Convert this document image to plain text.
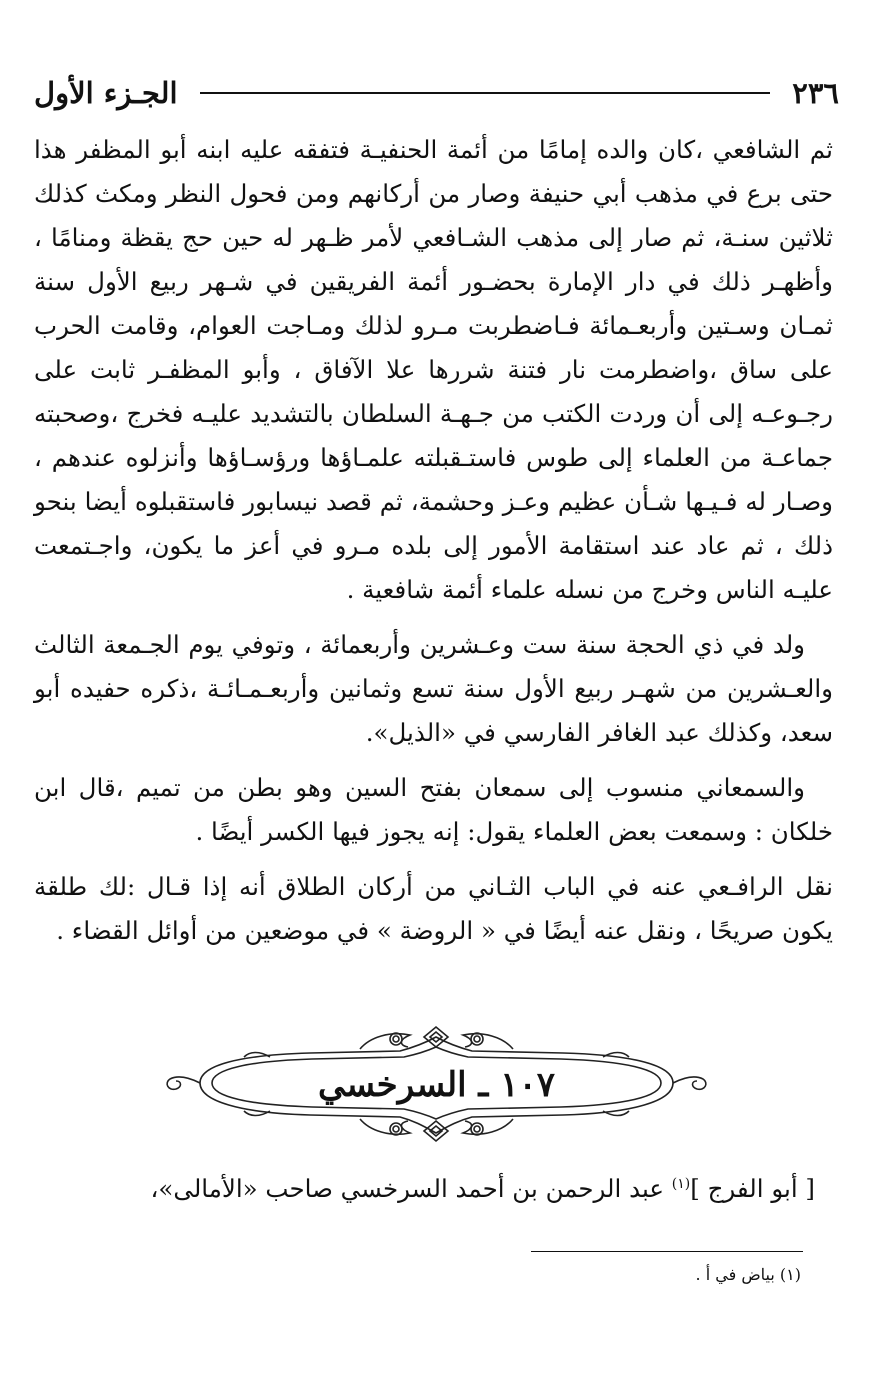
٢٣٦
الجـزء الأول

ثم الشافعي ،كان والده إمامًا من أئمة الحنفيـة فتفقه عليه ابنه أبو المظفر هذا حتى برع في مذهب أبي حنيفة وصار من أركانهم ومن فحول النظر ومكث كذلك ثلاثين سنـة، ثم صار إلى مذهب الشـافعي لأمر ظـهر له حين حج يقظة ومنامًا ، وأظهـر ذلك في دار الإمارة بحضـور أئمة الفريقين في شـهر ربيع الأول سنة ثمـان وسـتين وأربعـمائة فـاضطربت مـرو لذلك ومـاجت العوام، وقامت الحرب على ساق ،واضطرمت نار فتنة شررها علا الآفاق ، وأبو المظفـر ثابت على رجـوعـه إلى أن وردت الكتب من جـهـة السلطان بالتشديد عليـه فخرج ،وصحبته جماعـة من العلماء إلى طوس فاستـقبلته علمـاؤها ورؤسـاؤها وأنزلوه عندهم ، وصـار له فـيـها شـأن عظيم وعـز وحشمة، ثم قصد نيسابور فاستقبلوه أيضا بنحو ذلك ، ثم عاد عند استقامة الأمور إلى بلده مـرو في أعز ما يكون، واجـتمعت عليـه الناس وخرج من نسله علماء أئمة شافعية .

ولد في ذي الحجة سنة ست وعـشرين وأربعمائة ، وتوفي يوم الجـمعة الثالث والعـشرين من شهـر ربيع الأول سنة تسع وثمانين وأربعـمـائـة ،ذكره حفيده أبو سعد، وكذلك عبد الغافر الفارسي في «الذيل».

والسمعاني منسوب إلى سمعان بفتح السين وهو بطن من تميم ،قال ابن خلكان : وسمعت بعض العلماء يقول: إنه يجوز فيها الكسر أيضًا .

نقل الرافـعي عنه في الباب الثـاني من أركان الطلاق أنه إذا قـال :لك طلقة يكون صريحًا ، ونقل عنه أيضًا في « الروضة » في موضعين من أوائل القضاء .

١٠٧ ـ السرخسي
[ أبو الفرج ]$^{(١)}$ عبد الرحمن بن أحمد السرخسي صاحب «الأمالى»،
(١) بياض في أ .
